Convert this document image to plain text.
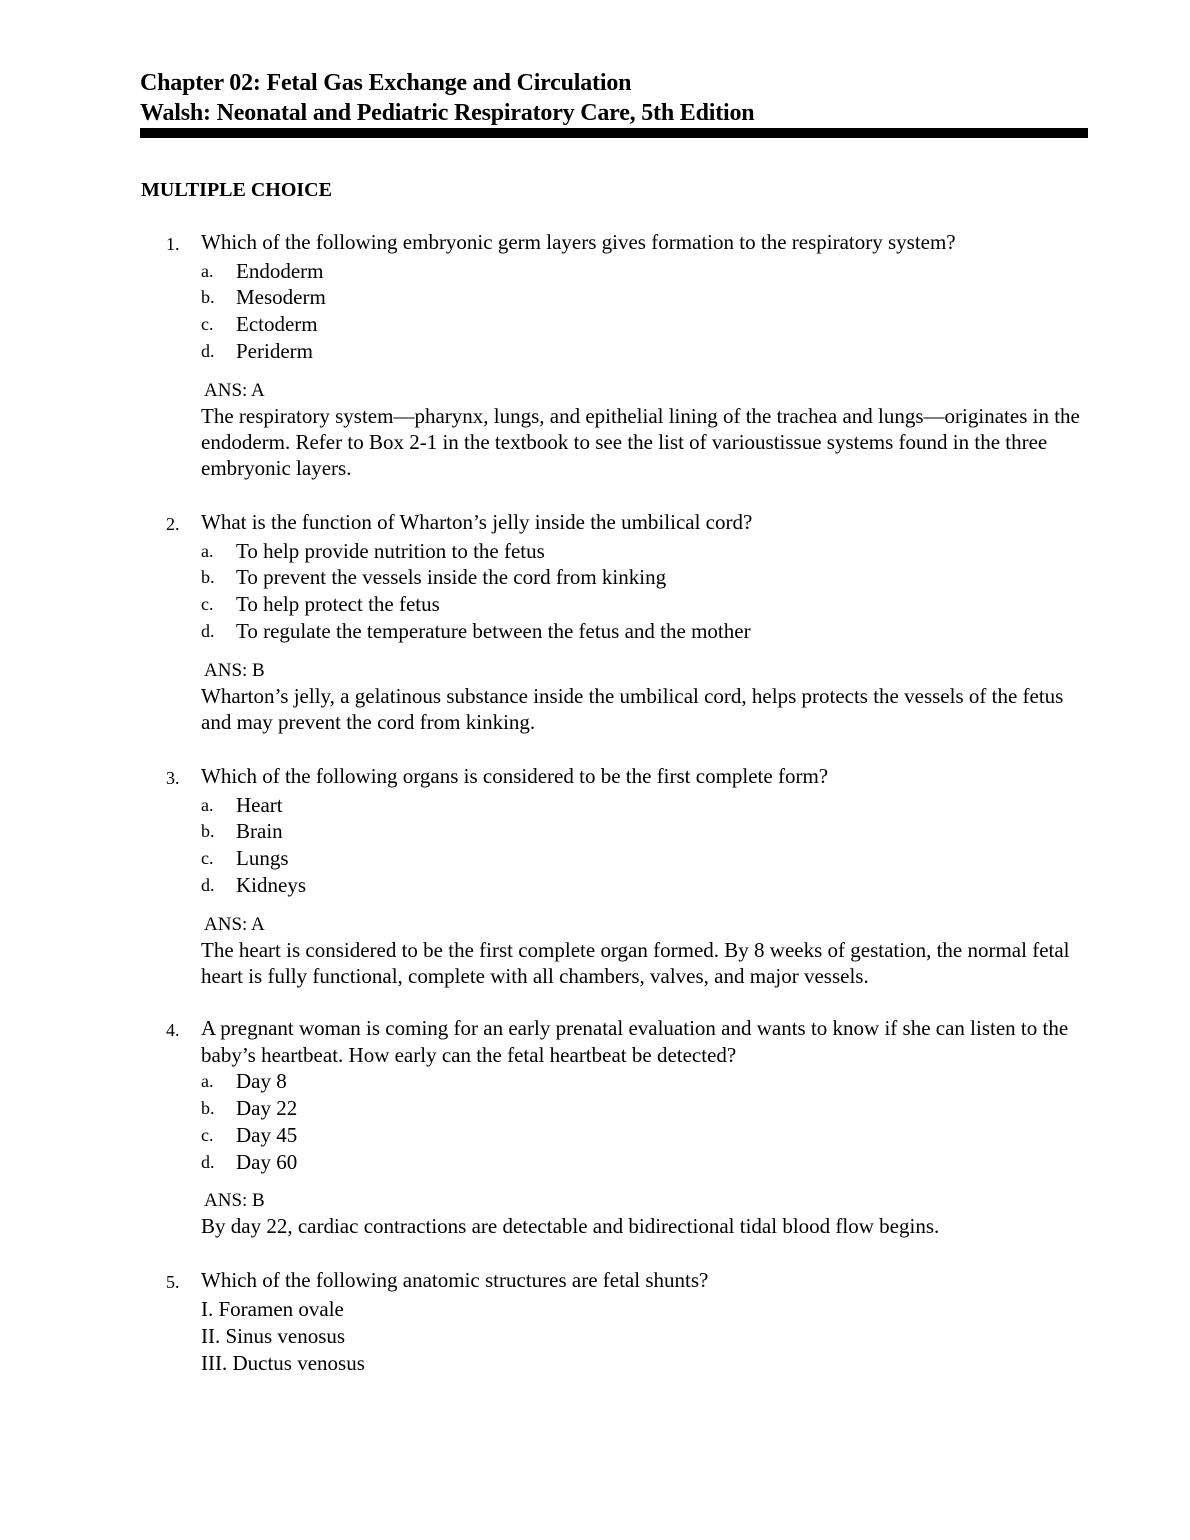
Chapter 02: Fetal Gas Exchange and Circulation
Walsh: Neonatal and Pediatric Respiratory Care, 5th Edition
MULTIPLE CHOICE
1.	Which of the following embryonic germ layers gives formation to the respiratory system?
a.	Endoderm
b.	Mesoderm
c.	Ectoderm
d.	Periderm
ANS: A
The respiratory system—pharynx, lungs, and epithelial lining of the trachea and lungs—originates in the endoderm. Refer to Box 2-1 in the textbook to see the list of varioustissue systems found in the three embryonic layers.
2.	What is the function of Wharton’s jelly inside the umbilical cord?
a.	To help provide nutrition to the fetus
b.	To prevent the vessels inside the cord from kinking
c.	To help protect the fetus
d.	To regulate the temperature between the fetus and the mother
ANS: B
Wharton’s jelly, a gelatinous substance inside the umbilical cord, helps protects the vessels of the fetus and may prevent the cord from kinking.
3.	Which of the following organs is considered to be the first complete form?
a.	Heart
b.	Brain
c.	Lungs
d.	Kidneys
ANS: A
The heart is considered to be the first complete organ formed. By 8 weeks of gestation, the normal fetal heart is fully functional, complete with all chambers, valves, and major vessels.
4.	A pregnant woman is coming for an early prenatal evaluation and wants to know if she can listen to the baby’s heartbeat. How early can the fetal heartbeat be detected?
a.	Day 8
b.	Day 22
c.	Day 45
d.	Day 60
ANS: B
By day 22, cardiac contractions are detectable and bidirectional tidal blood flow begins.
5.	Which of the following anatomic structures are fetal shunts?
I. Foramen ovale
II. Sinus venosus
III. Ductus venosus
